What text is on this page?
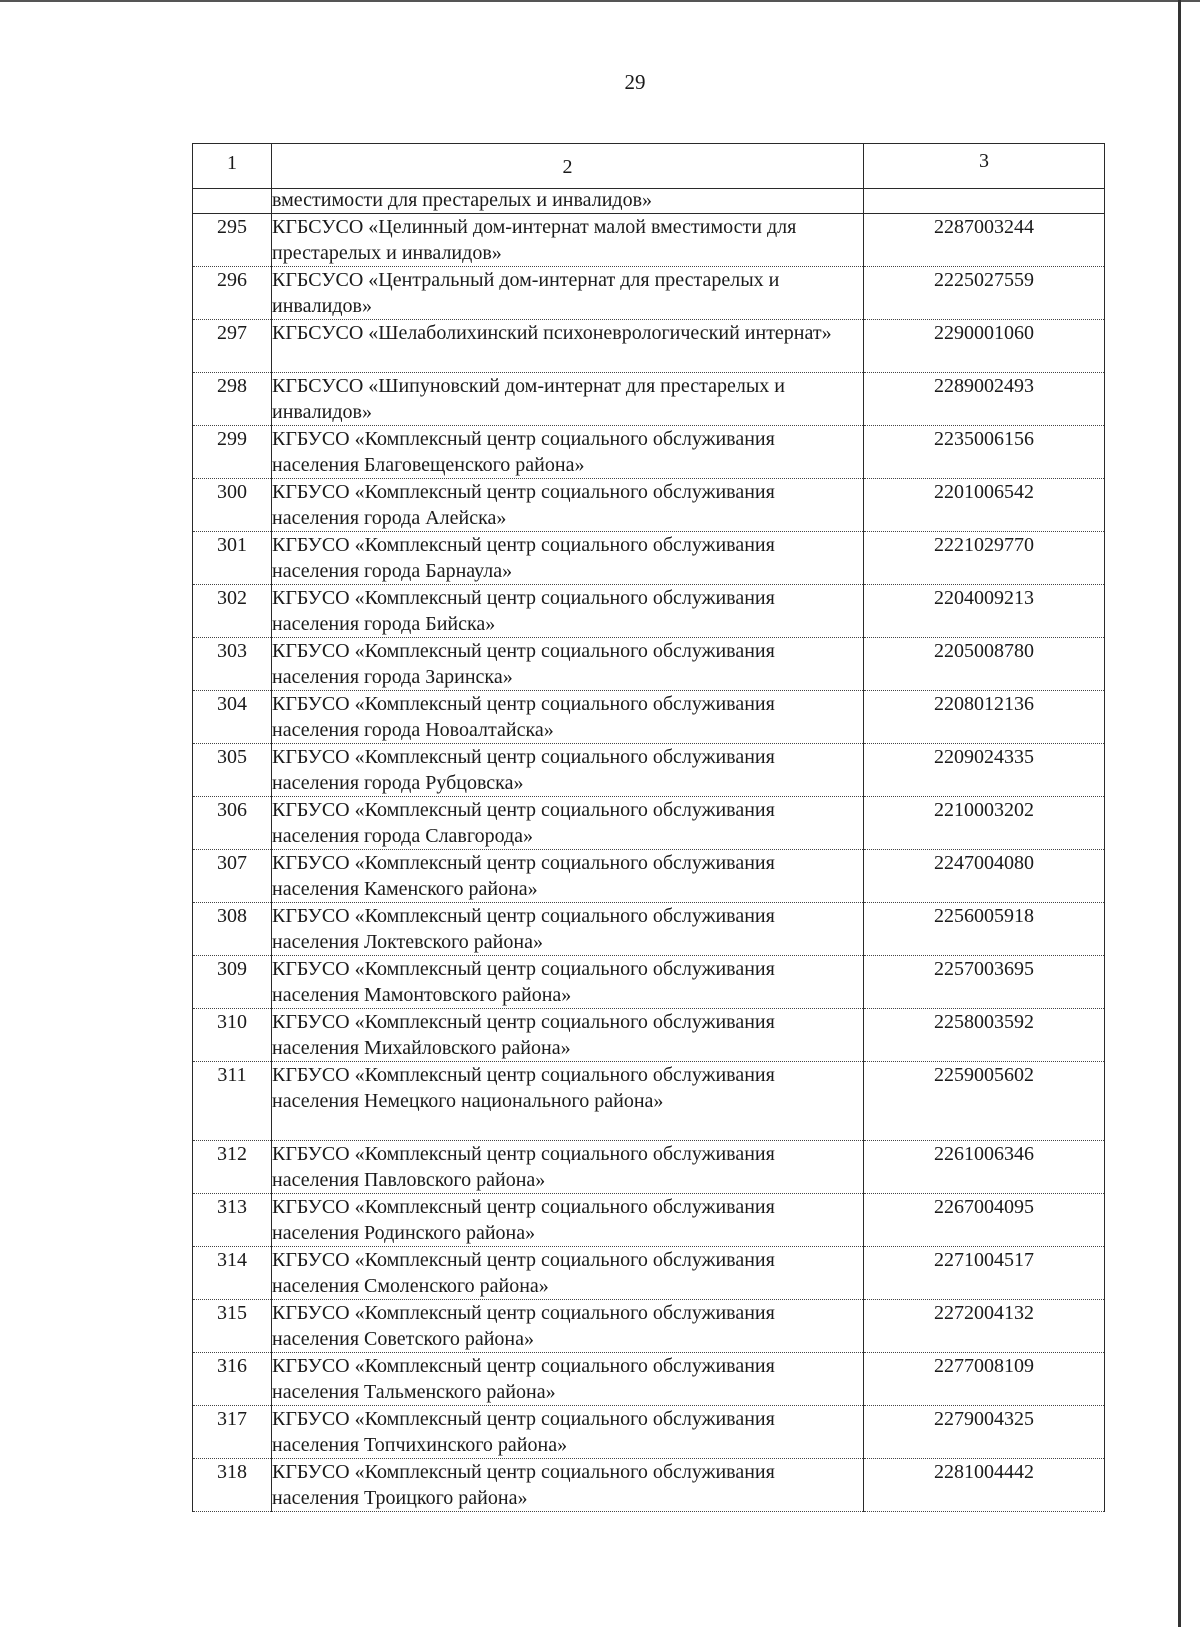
29
1	2	3
	вместимости для престарелых и инвалидов»	
295	КГБСУСО «Целинный дом-интернат малой вместимости для престарелых и инвалидов»	2287003244
296	КГБСУСО «Центральный дом-интернат для престарелых и инвалидов»	2225027559
297	КГБСУСО «Шелаболихинский психоневрологический интернат»	2290001060
298	КГБСУСО «Шипуновский дом-интернат для престарелых и инвалидов»	2289002493
299	КГБУСО «Комплексный центр социального обслуживания населения Благовещенского района»	2235006156
300	КГБУСО «Комплексный центр социального обслуживания населения города Алейска»	2201006542
301	КГБУСО «Комплексный центр социального обслуживания населения города Барнаула»	2221029770
302	КГБУСО «Комплексный центр социального обслуживания населения города Бийска»	2204009213
303	КГБУСО «Комплексный центр социального обслуживания населения города Заринска»	2205008780
304	КГБУСО «Комплексный центр социального обслуживания населения города Новоалтайска»	2208012136
305	КГБУСО «Комплексный центр социального обслуживания населения города Рубцовска»	2209024335
306	КГБУСО «Комплексный центр социального обслуживания населения города Славгорода»	2210003202
307	КГБУСО «Комплексный центр социального обслуживания населения Каменского района»	2247004080
308	КГБУСО «Комплексный центр социального обслуживания населения Локтевского района»	2256005918
309	КГБУСО «Комплексный центр социального обслуживания населения Мамонтовского района»	2257003695
310	КГБУСО «Комплексный центр социального обслуживания населения Михайловского района»	2258003592
311	КГБУСО «Комплексный центр социального обслуживания населения Немецкого национального района»	2259005602
312	КГБУСО «Комплексный центр социального обслуживания населения Павловского района»	2261006346
313	КГБУСО «Комплексный центр социального обслуживания населения Родинского района»	2267004095
314	КГБУСО «Комплексный центр социального обслуживания населения Смоленского района»	2271004517
315	КГБУСО «Комплексный центр социального обслуживания населения Советского района»	2272004132
316	КГБУСО «Комплексный центр социального обслуживания населения Тальменского района»	2277008109
317	КГБУСО «Комплексный центр социального обслуживания населения Топчихинского района»	2279004325
318	КГБУСО «Комплексный центр социального обслуживания населения Троицкого района»	2281004442
